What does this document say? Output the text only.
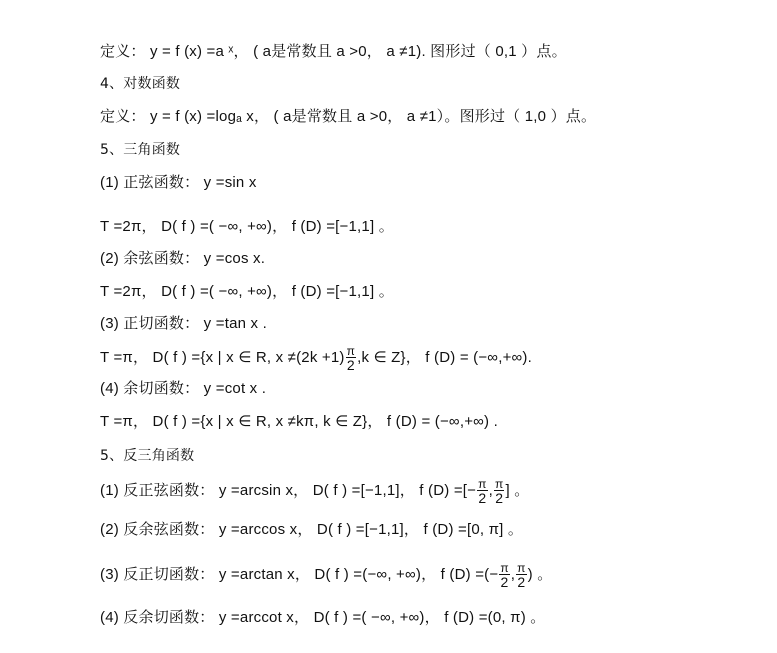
定义： y = f (x) =a ˣ， ( a是常数且 a >0， a ≠1). 图形过（ 0,1 ）点。
4、对数函数
定义： y = f (x) =logₐ x， ( a是常数且 a >0， a ≠1）。图形过（ 1,0 ）点。
5、三角函数
(1) 正弦函数： y =sin x
T =2π， D( f ) =( −∞, +∞)， f (D) =[−1,1] 。
(2) 余弦函数： y =cos x.
T =2π， D( f ) =( −∞, +∞)， f (D) =[−1,1] 。
(3) 正切函数： y =tan x .
T =π， D( f ) ={x | x ∈ R, $x \ne(2k +1) \frac{\pi}{2} ,k$ ∈ Z}， f (D) = (−∞,+∞).
(4) 余切函数： y =cot x .
T =π， D( f ) ={x | x ∈ R, x ≠kπ, k ∈ Z}， f (D) = (−∞,+∞) .
5、反三角函数
(1) 反正弦函数： y =arcsin x， D( f ) =[−1,1]， f (D) =[− $\frac{\pi}{2}$ , $\frac{\pi}{2}$ ] 。
(2) 反余弦函数： y =arccos x， D( f ) =[−1,1]， f (D) =[0, π] 。
(3) 反正切函数： y =arctan x， D( f ) =(−∞, +∞)， f (D) =(− $\frac{\pi}{2}$ , $\frac{\pi}{2}$ ) 。
(4) 反余切函数： y =arccot x， D( f ) =( −∞, +∞)， f (D) =(0, π) 。
